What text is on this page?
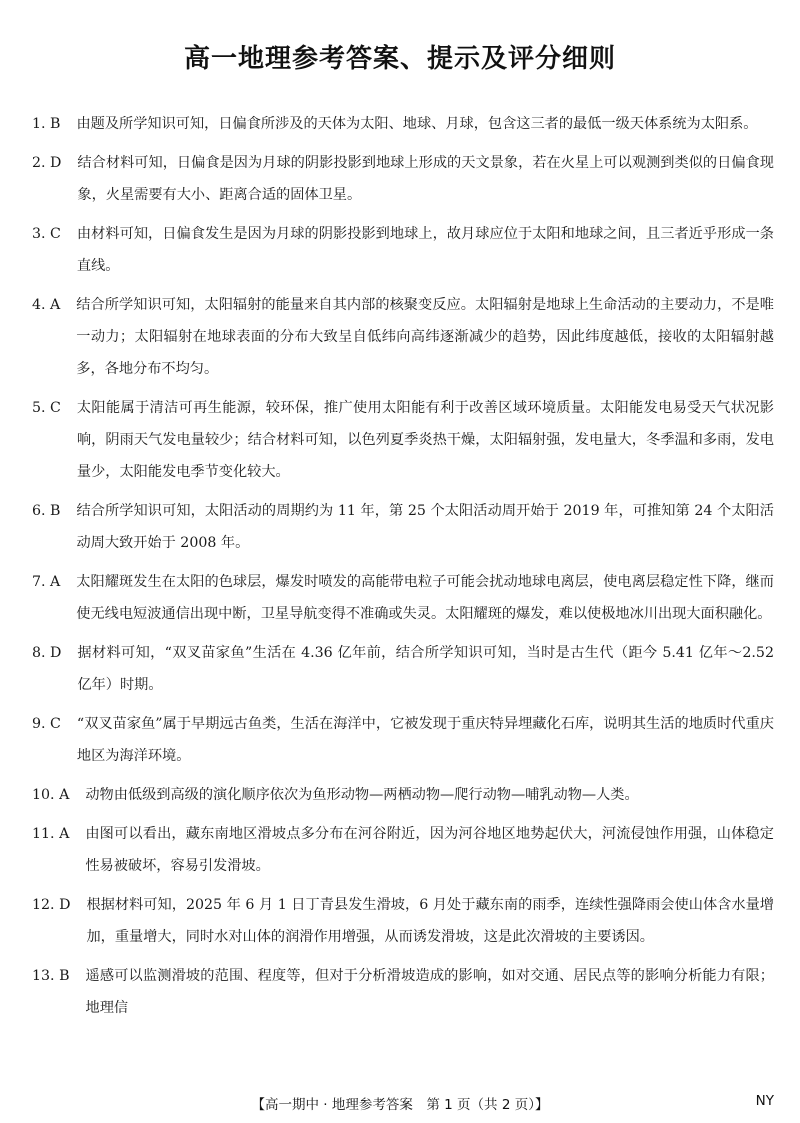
高一地理参考答案、提示及评分细则
1. B 由题及所学知识可知，日偏食所涉及的天体为太阳、地球、月球，包含这三者的最低一级天体系统为太阳系。
2. D 结合材料可知，日偏食是因为月球的阴影投影到地球上形成的天文景象，若在火星上可以观测到类似的日偏食现象，火星需要有大小、距离合适的固体卫星。
3. C 由材料可知，日偏食发生是因为月球的阴影投影到地球上，故月球应位于太阳和地球之间，且三者近乎形成一条直线。
4. A 结合所学知识可知，太阳辐射的能量来自其内部的核聚变反应。太阳辐射是地球上生命活动的主要动力，不是唯一动力；太阳辐射在地球表面的分布大致呈自低纬向高纬逐渐减少的趋势，因此纬度越低，接收的太阳辐射越多，各地分布不均匀。
5. C 太阳能属于清洁可再生能源，较环保，推广使用太阳能有利于改善区域环境质量。太阳能发电易受天气状况影响，阴雨天气发电量较少；结合材料可知，以色列夏季炎热干燥，太阳辐射强，发电量大，冬季温和多雨，发电量少，太阳能发电季节变化较大。
6. B 结合所学知识可知，太阳活动的周期约为 11 年，第 25 个太阳活动周开始于 2019 年，可推知第 24 个太阳活动周大致开始于 2008 年。
7. A 太阳耀斑发生在太阳的色球层，爆发时喷发的高能带电粒子可能会扰动地球电离层，使电离层稳定性下降，继而使无线电短波通信出现中断，卫星导航变得不准确或失灵。太阳耀斑的爆发，难以使极地冰川出现大面积融化。
8. D 据材料可知，“双叉苗家鱼”生活在 4.36 亿年前，结合所学知识可知，当时是古生代（距今 5.41 亿年～2.52 亿年）时期。
9. C “双叉苗家鱼”属于早期远古鱼类，生活在海洋中，它被发现于重庆特异埋藏化石库，说明其生活的地质时代重庆地区为海洋环境。
10. A 动物由低级到高级的演化顺序依次为鱼形动物—两栖动物—爬行动物—哺乳动物—人类。
11. A 由图可以看出，藏东南地区滑坡点多分布在河谷附近，因为河谷地区地势起伏大，河流侵蚀作用强，山体稳定性易被破坏，容易引发滑坡。
12. D 根据材料可知，2025 年 6 月 1 日丁青县发生滑坡，6 月处于藏东南的雨季，连续性强降雨会使山体含水量增加，重量增大，同时水对山体的润滑作用增强，从而诱发滑坡，这是此次滑坡的主要诱因。
13. B 遥感可以监测滑坡的范围、程度等，但对于分析滑坡造成的影响，如对交通、居民点等的影响分析能力有限；地理信
【高一期中 · 地理参考答案　第 1 页（共 2 页）】	NY
